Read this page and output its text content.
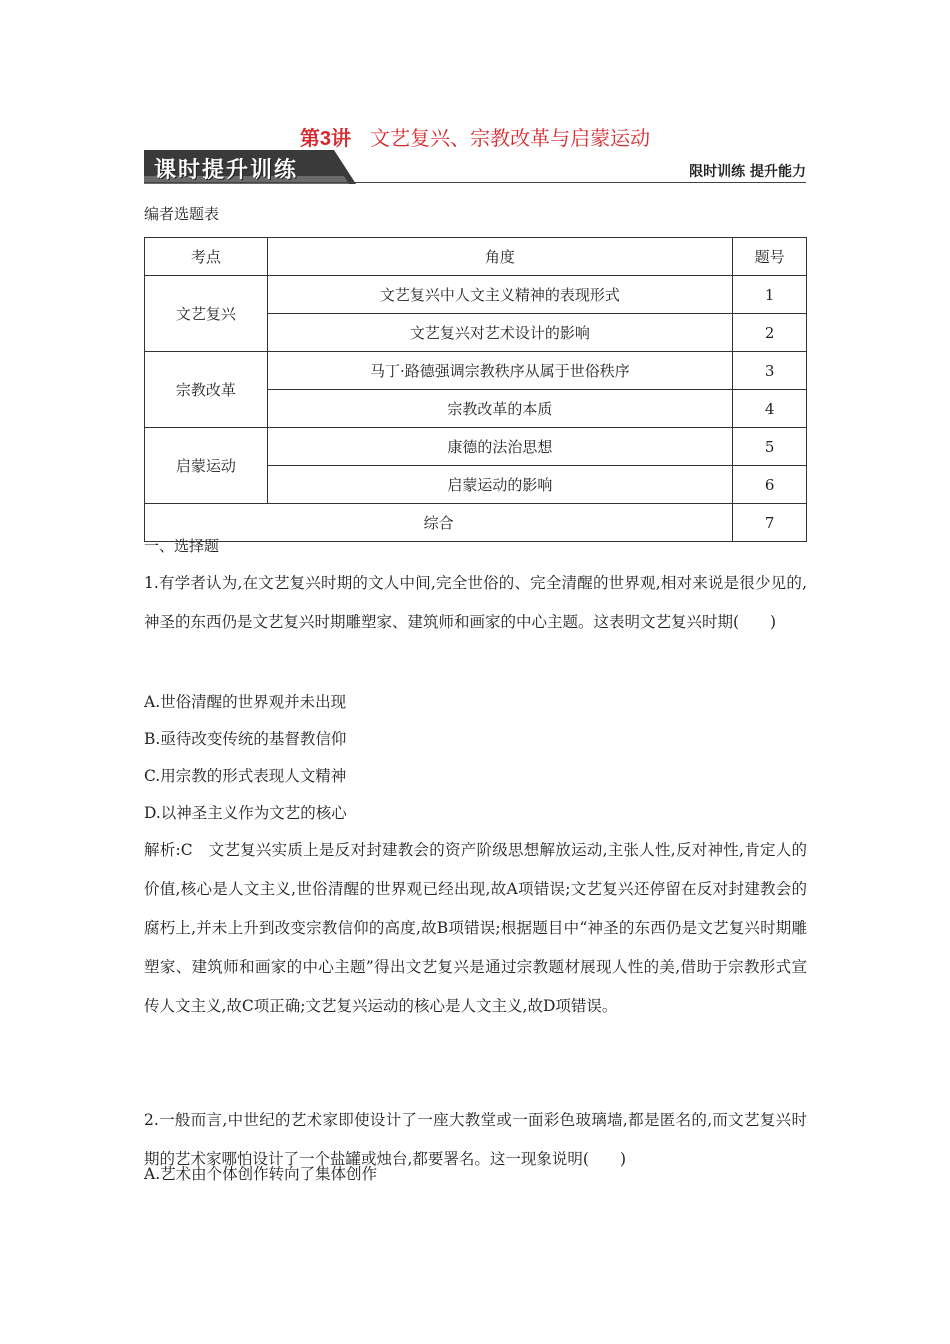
第3讲 文艺复兴、宗教改革与启蒙运动
课时提升训练	限时训练 提升能力
编者选题表
考点	角度	题号
文艺复兴	文艺复兴中人文主义精神的表现形式	1
	文艺复兴对艺术设计的影响	2
宗教改革	马丁·路德强调宗教秩序从属于世俗秩序	3
	宗教改革的本质	4
启蒙运动	康德的法治思想	5
	启蒙运动的影响	6
综合		7
一、选择题
1.有学者认为,在文艺复兴时期的文人中间,完全世俗的、完全清醒的世界观,相对来说是很少见的,神圣的东西仍是文艺复兴时期雕塑家、建筑师和画家的中心主题。这表明文艺复兴时期(　　)
A.世俗清醒的世界观并未出现
B.亟待改变传统的基督教信仰
C.用宗教的形式表现人文精神
D.以神圣主义作为文艺的核心
解析:C　文艺复兴实质上是反对封建教会的资产阶级思想解放运动,主张人性,反对神性,肯定人的价值,核心是人文主义,世俗清醒的世界观已经出现,故A项错误;文艺复兴还停留在反对封建教会的腐朽上,并未上升到改变宗教信仰的高度,故B项错误;根据题目中“神圣的东西仍是文艺复兴时期雕塑家、建筑师和画家的中心主题”得出文艺复兴是通过宗教题材展现人性的美,借助于宗教形式宣传人文主义,故C项正确;文艺复兴运动的核心是人文主义,故D项错误。
2.一般而言,中世纪的艺术家即使设计了一座大教堂或一面彩色玻璃墙,都是匿名的,而文艺复兴时期的艺术家哪怕设计了一个盐罐或烛台,都要署名。这一现象说明(　　)
A.艺术由个体创作转向了集体创作
